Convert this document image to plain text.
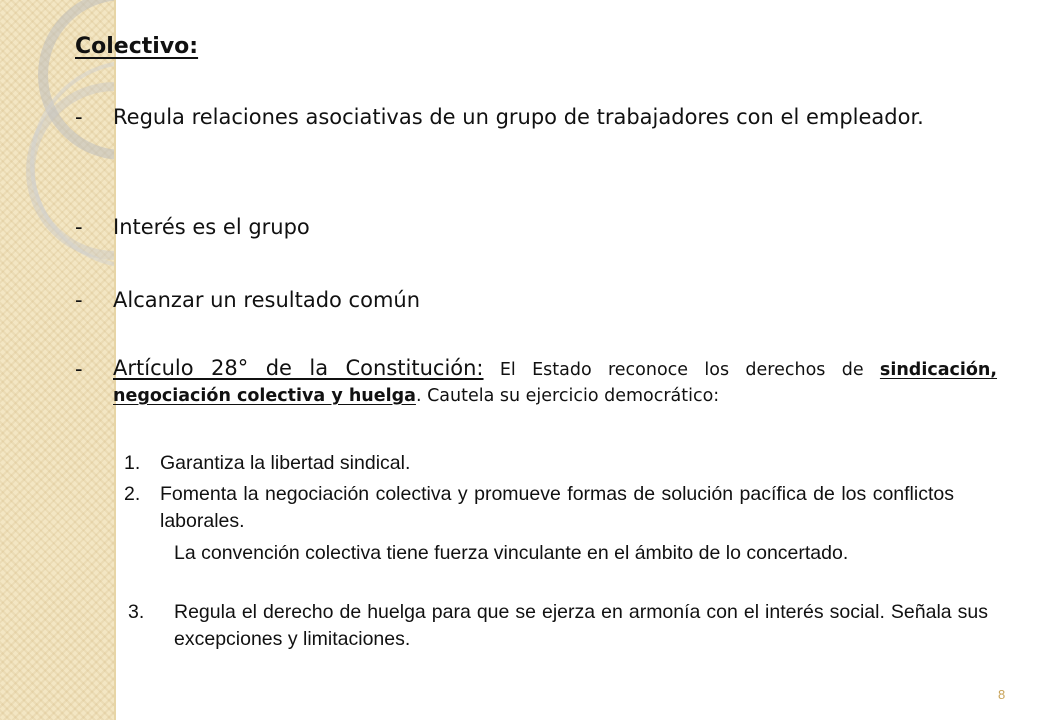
Colectivo:
-	Regula relaciones asociativas de un grupo de trabajadores con el empleador.
-	Interés es el grupo
-	Alcanzar un resultado común
- Artículo 28° de la Constitución: El Estado reconoce los derechos de sindicación, negociación colectiva y huelga. Cautela su ejercicio democrático:
1. Garantiza la libertad sindical.
2. Fomenta la negociación colectiva y promueve formas de solución pacífica de los conflictos laborales.
La convención colectiva tiene fuerza vinculante en el ámbito de lo concertado.
3. Regula el derecho de huelga para que se ejerza en armonía con el interés social. Señala sus excepciones y limitaciones.
8
